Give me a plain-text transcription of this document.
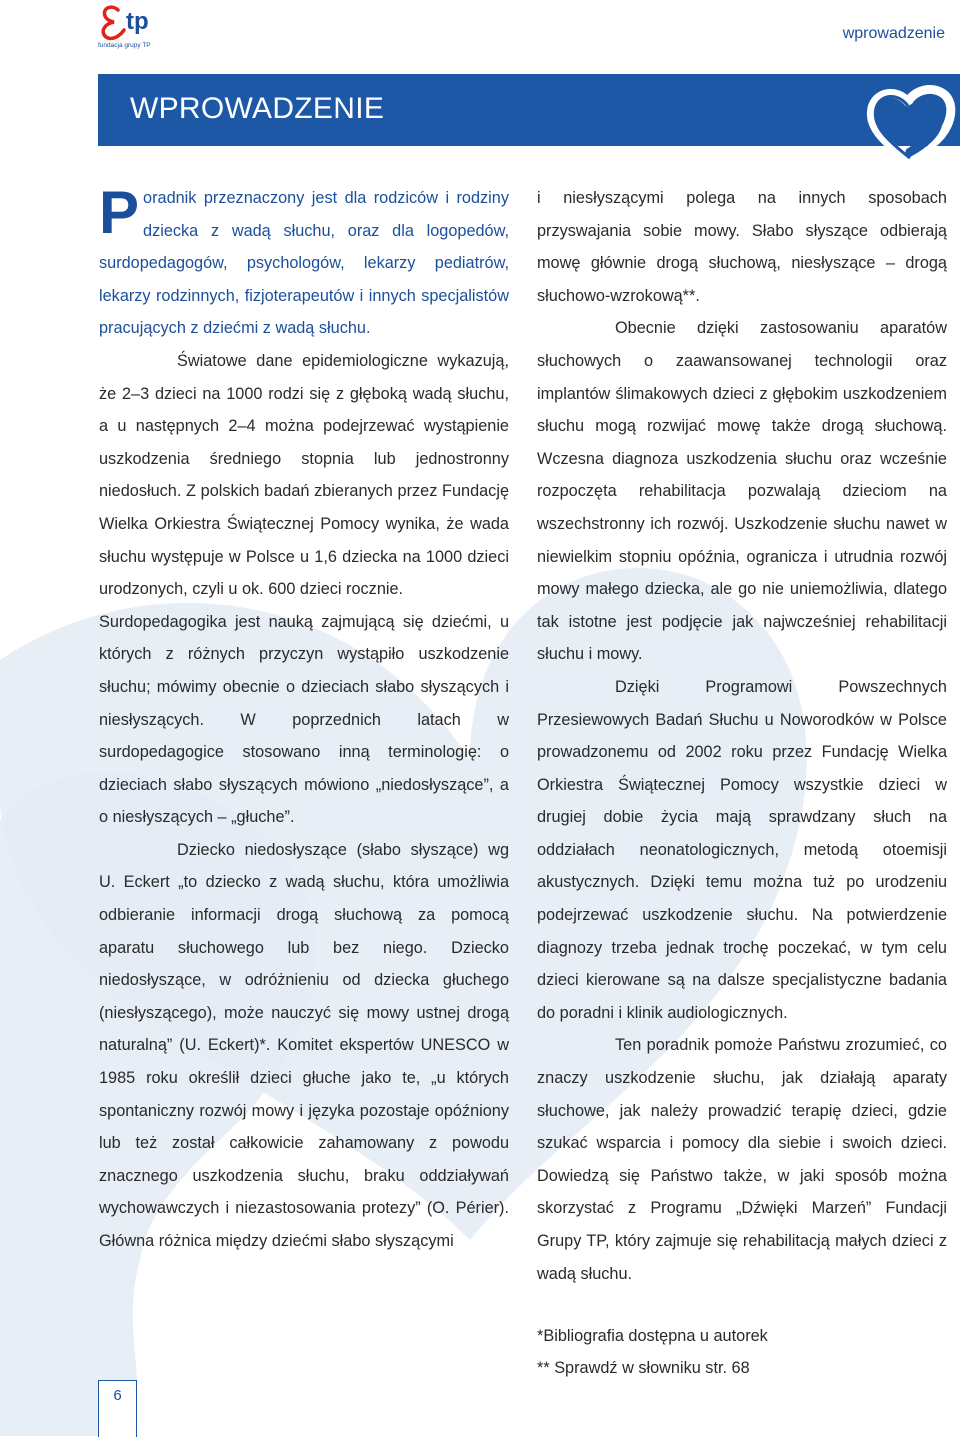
tp
fundacja grupy TP
wprowadzenie
WPROWADZENIE

Poradnik przeznaczony jest dla rodziców i rodziny dziecka z wadą słuchu, oraz dla logopedów, surdopedagogów, psychologów, lekarzy pediatrów, lekarzy rodzinnych, fizjoterapeutów i innych specjalistów pracujących z dziećmi z wadą słuchu.

Światowe dane epidemiologiczne wykazują, że 2–3 dzieci na 1000 rodzi się z głęboką wadą słuchu, a u następnych 2–4 można podejrzewać wystąpienie uszkodzenia średniego stopnia lub jednostronny niedosłuch. Z polskich badań zbieranych przez Fundację Wielka Orkiestra Świątecznej Pomocy wynika, że wada słuchu występuje w Polsce u 1,6 dziecka na 1000 dzieci urodzonych, czyli u ok. 600 dzieci rocznie.

Surdopedagogika jest nauką zajmującą się dziećmi, u których z różnych przyczyn wystąpiło uszkodzenie słuchu; mówimy obecnie o dzieciach słabo słyszących i niesłyszących. W poprzednich latach w surdopedagogice stosowano inną terminologię: o dzieciach słabo słyszących mówiono „niedosłyszące”, a o niesłyszących – „głuche”.

Dziecko niedosłyszące (słabo słyszące) wg U. Eckert „to dziecko z wadą słuchu, która umożliwia odbieranie informacji drogą słuchową za pomocą aparatu słuchowego lub bez niego. Dziecko niedosłyszące, w odróżnieniu od dziecka głuchego (niesłyszącego), może nauczyć się mowy ustnej drogą naturalną” (U. Eckert)*. Komitet ekspertów UNESCO w 1985 roku określił dzieci głuche jako te, „u których spontaniczny rozwój mowy i języka pozostaje opóźniony lub też został całkowicie zahamowany z powodu znacznego uszkodzenia słuchu, braku oddziaływań wychowawczych i niezastosowania protezy” (O. Périer). Główna różnica między dziećmi słabo słyszącymi

i niesłyszącymi polega na innych sposobach przyswajania sobie mowy. Słabo słyszące odbierają mowę głównie drogą słuchową, niesłyszące – drogą słuchowo-wzrokową**.

Obecnie dzięki zastosowaniu aparatów słuchowych o zaawansowanej technologii oraz implantów ślimakowych dzieci z głębokim uszkodzeniem słuchu mogą rozwijać mowę także drogą słuchową. Wczesna diagnoza uszkodzenia słuchu oraz wcześnie rozpoczęta rehabilitacja pozwalają dzieciom na wszechstronny ich rozwój. Uszkodzenie słuchu nawet w niewielkim stopniu opóźnia, ogranicza i utrudnia rozwój mowy małego dziecka, ale go nie uniemożliwia, dlatego tak istotne jest podjęcie jak najwcześniej rehabilitacji słuchu i mowy.

Dzięki Programowi Powszechnych Przesiewowych Badań Słuchu u Noworodków w Polsce prowadzonemu od 2002 roku przez Fundację Wielka Orkiestra Świątecznej Pomocy wszystkie dzieci w drugiej dobie życia mają sprawdzany słuch na oddziałach neonatologicznych, metodą otoemisji akustycznych. Dzięki temu można tuż po urodzeniu podejrzewać uszkodzenie słuchu. Na potwierdzenie diagnozy trzeba jednak trochę poczekać, w tym celu dzieci kierowane są na dalsze specjalistyczne badania do poradni i klinik audiologicznych.

Ten poradnik pomoże Państwu zrozumieć, co znaczy uszkodzenie słuchu, jak działają aparaty słuchowe, jak należy prowadzić terapię dzieci, gdzie szukać wsparcia i pomocy dla siebie i swoich dzieci. Dowiedzą się Państwo także, w jaki sposób można skorzystać z Programu „Dźwięki Marzeń” Fundacji Grupy TP, który zajmuje się rehabilitacją małych dzieci z wadą słuchu.

*Bibliografia dostępna u autorek

** Sprawdź w słowniku str. 68

6
